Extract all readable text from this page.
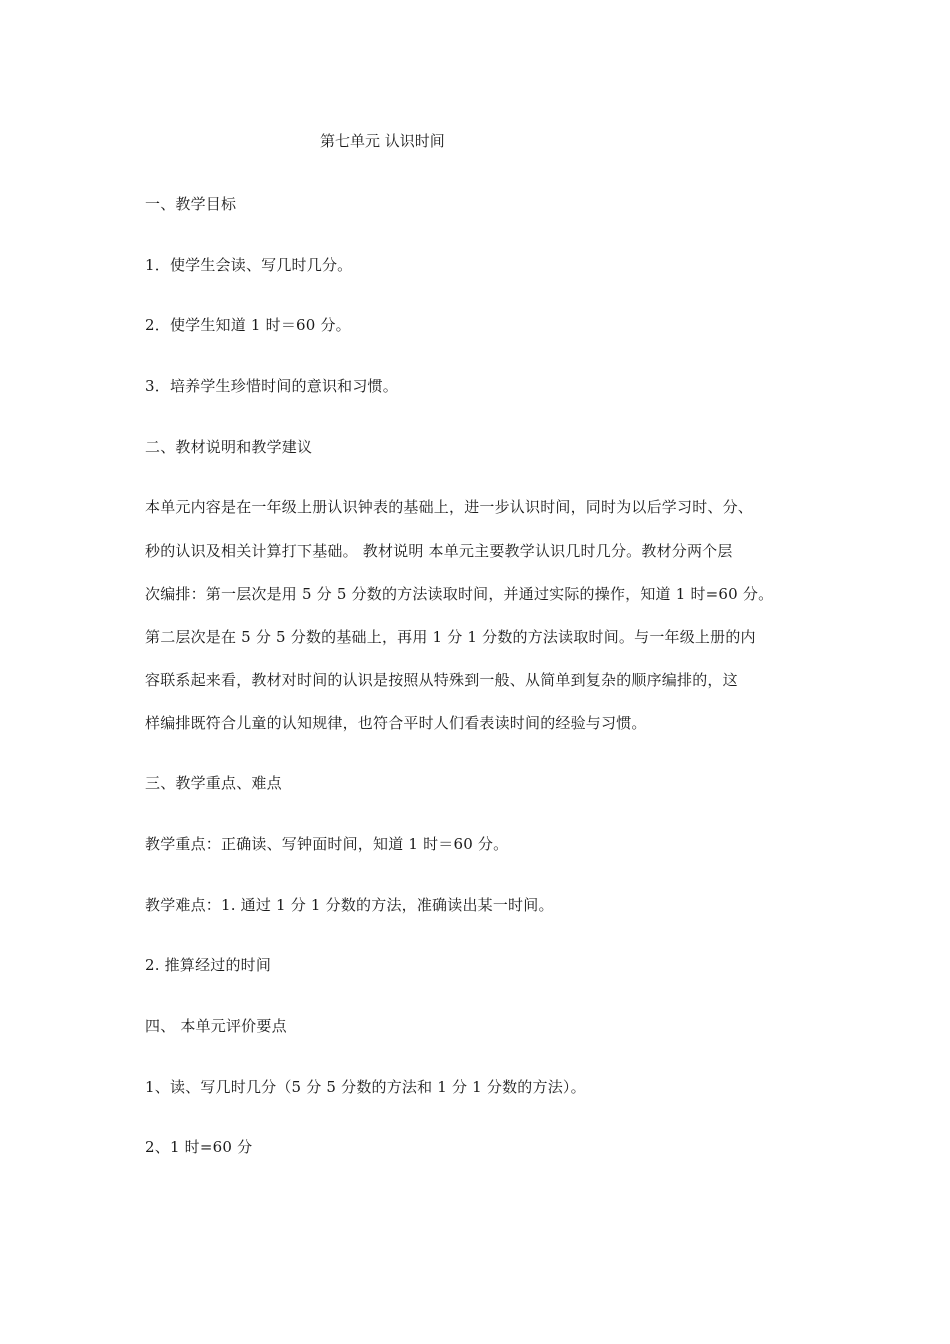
第七单元 认识时间
一、教学目标
1．使学生会读、写几时几分。
2．使学生知道 1 时＝60 分。
3．培养学生珍惜时间的意识和习惯。
二、教材说明和教学建议
本单元内容是在一年级上册认识钟表的基础上，进一步认识时间，同时为以后学习时、分、
秒的认识及相关计算打下基础。 教材说明 本单元主要教学认识几时几分。教材分两个层
次编排：第一层次是用 5 分 5 分数的方法读取时间，并通过实际的操作，知道 1 时=60 分。
第二层次是在 5 分 5 分数的基础上，再用 1 分 1 分数的方法读取时间。与一年级上册的内
容联系起来看，教材对时间的认识是按照从特殊到一般、从简单到复杂的顺序编排的，这
样编排既符合儿童的认知规律，也符合平时人们看表读时间的经验与习惯。
三、教学重点、难点
教学重点：正确读、写钟面时间，知道 1 时＝60 分。
教学难点：1. 通过 1 分 1 分数的方法，准确读出某一时间。
2. 推算经过的时间
四、 本单元评价要点
1、读、写几时几分（5 分 5 分数的方法和 1 分 1 分数的方法）。
2、1 时=60 分
